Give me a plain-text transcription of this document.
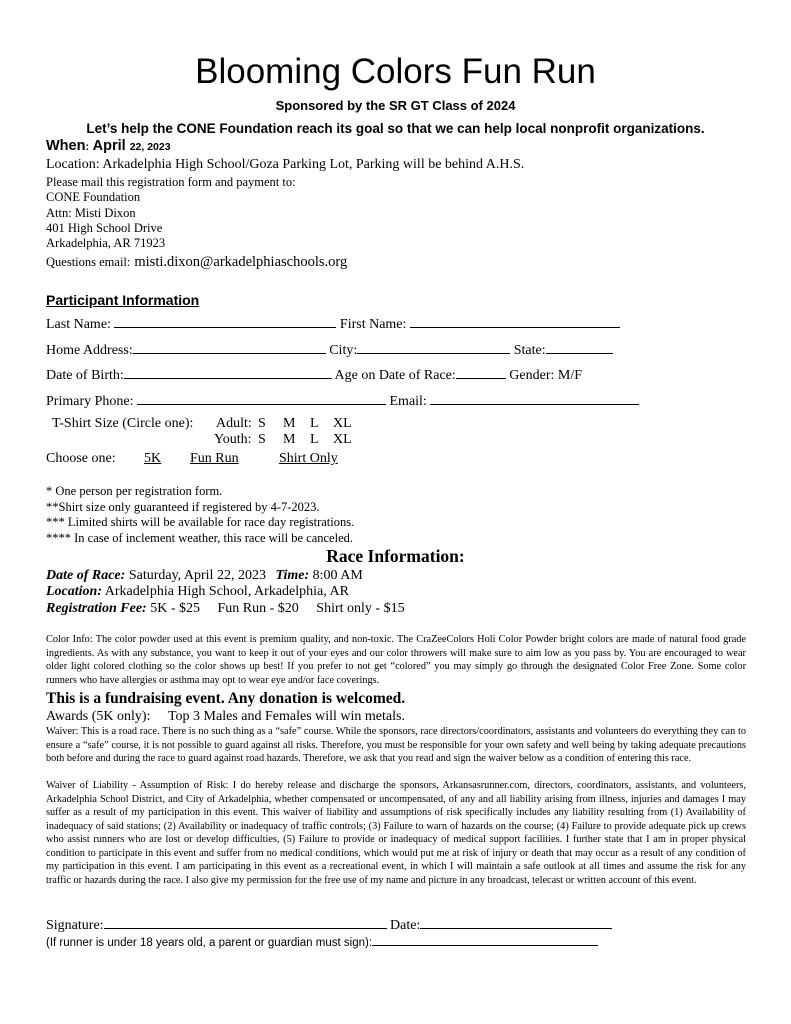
Blooming Colors Fun Run
Sponsored by the SR GT Class of 2024
Let’s help the CONE Foundation reach its goal so that we can help local nonprofit organizations.
When: April 22, 2023
Location: Arkadelphia High School/Goza Parking Lot, Parking will be behind A.H.S.
Please mail this registration form and payment to:
CONE Foundation
Attn: Misti Dixon
401 High School Drive
Arkadelphia, AR 71923
Questions email: misti.dixon@arkadelphiaschools.org
Participant Information
Last Name:	First Name:
Home Address:	City:	State:
Date of Birth:	Age on Date of Race:	Gender: M/F
Primary Phone:	Email:
T-Shirt Size (Circle one): Adult: S M L XL
Youth: S M L XL
Choose one: 5K Fun Run	Shirt Only
* One person per registration form.
**Shirt size only guaranteed if registered by 4-7-2023.
*** Limited shirts will be available for race day registrations.
**** In case of inclement weather, this race will be canceled.
Race Information:
Date of Race: Saturday, April 22, 2023 Time: 8:00 AM
Location: Arkadelphia High School, Arkadelphia, AR
Registration Fee: 5K - $25     Fun Run - $20     Shirt only - $15
Color Info: The color powder used at this event is premium quality, and non-toxic. The CraZeeColors Holi Color Powder bright colors are made of natural food grade ingredients. As with any substance, you want to keep it out of your eyes and our color throwers will make sure to aim low as you pass by. You are encouraged to wear older light colored clothing so the color shows up best! If you prefer to not get “colored” you may simply go through the designated Color Free Zone. Some color runners who have allergies or asthma may opt to wear eye and/or face coverings.
This is a fundraising event. Any donation is welcomed.
Awards (5K only): Top 3 Males and Females will win metals.
Waiver: This is a road race. There is no such thing as a “safe” course. While the sponsors, race directors/coordinators, assistants and volunteers do everything they can to ensure a “safe” course, it is not possible to guard against all risks. Therefore, you must be responsible for your own safety and well being by taking adequate precautions both before and during the race to guard against road hazards. Therefore, we ask that you read and sign the waiver below as a condition of entering this race.
Waiver of Liability - Assumption of Risk: I do hereby release and discharge the sponsors, Arkansasrunner.com, directors, coordinators, assistants, and volunteers, Arkadelphia School District, and City of Arkadelphia, whether compensated or uncompensated, of any and all liability arising from illness, injuries and damages I may suffer as a result of my participation in this event. This waiver of liability and assumptions of risk specifically includes any liability resulting from (1) Availability of inadequacy of said stations; (2) Availability or inadequacy of traffic controls; (3) Failure to warn of hazards on the course; (4) Failure to provide adequate pick up crews who assist runners who are lost or develop difficulties, (5) Failure to provide or inadequacy of medical support facilities. I further state that I am in proper physical condition to participate in this event and suffer from no medical conditions, which would put me at risk of injury or death that may occur as a result of any condition of my participation in this event. I am participating in this event as a recreational event, in which I will maintain a safe outlook at all times and assume the risk for any traffic or hazards during the race. I also give my permission for the free use of my name and picture in any broadcast, telecast or written account of this event.
Signature:	Date:
(If runner is under 18 years old, a parent or guardian must sign):
